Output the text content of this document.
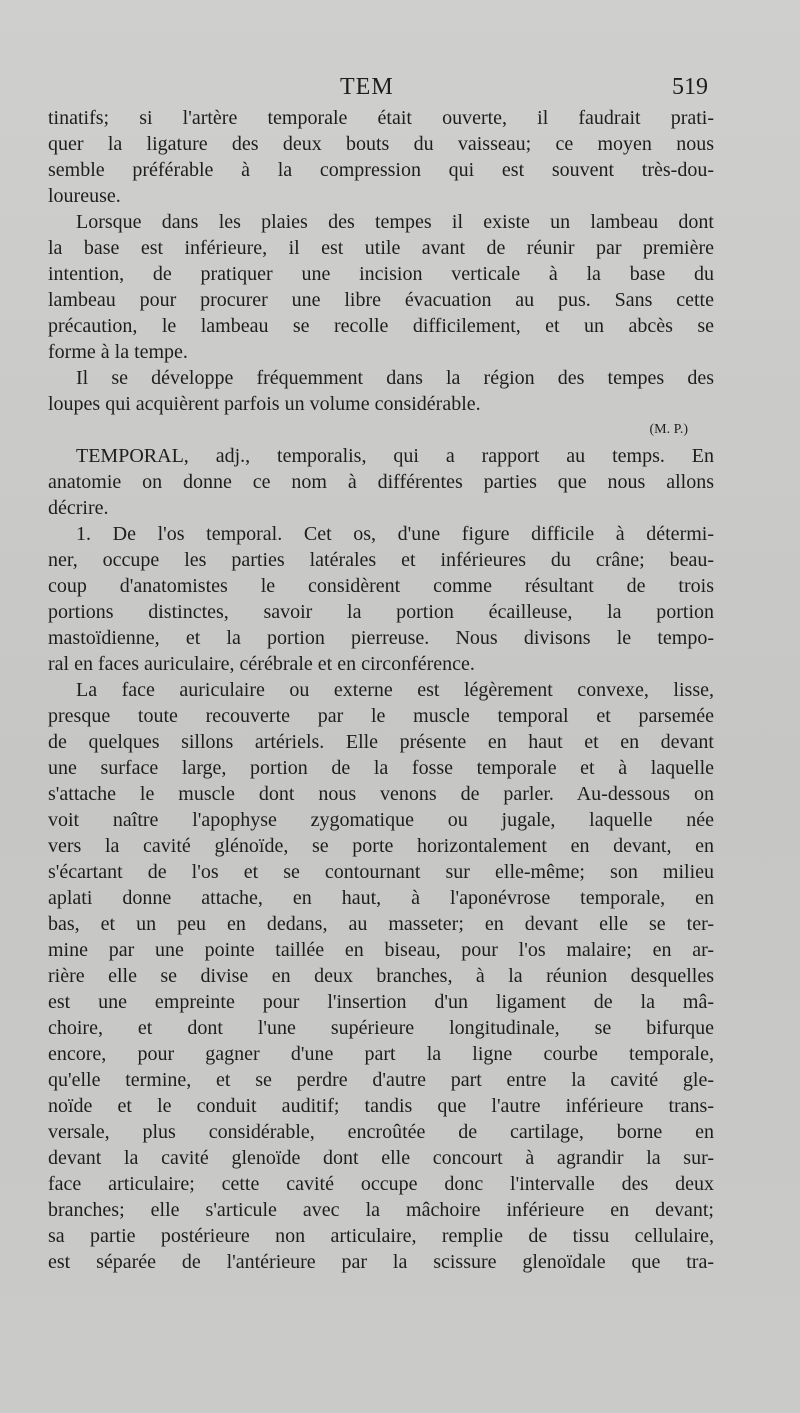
TEM	519
tinatifs; si l'artère temporale était ouverte, il faudrait prati-
quer la ligature des deux bouts du vaisseau; ce moyen nous
semble préférable à la compression qui est souvent très-dou-
loureuse.
Lorsque dans les plaies des tempes il existe un lambeau dont
la base est inférieure, il est utile avant de réunir par première
intention, de pratiquer une incision verticale à la base du
lambeau pour procurer une libre évacuation au pus. Sans cette
précaution, le lambeau se recolle difficilement, et un abcès se
forme à la tempe.
Il se développe fréquemment dans la région des tempes des
loupes qui acquièrent parfois un volume considérable.
(M. P.)
TEMPORAL, adj., temporalis, qui a rapport au temps. En
anatomie on donne ce nom à différentes parties que nous allons
décrire.
1. De l'os temporal. Cet os, d'une figure difficile à détermi-
ner, occupe les parties latérales et inférieures du crâne; beau-
coup d'anatomistes le considèrent comme résultant de trois
portions distinctes, savoir la portion écailleuse, la portion
mastoïdienne, et la portion pierreuse. Nous divisons le tempo-
ral en faces auriculaire, cérébrale et en circonférence.
La face auriculaire ou externe est légèrement convexe, lisse,
presque toute recouverte par le muscle temporal et parsemée
de quelques sillons artériels. Elle présente en haut et en devant
une surface large, portion de la fosse temporale et à laquelle
s'attache le muscle dont nous venons de parler. Au-dessous on
voit naître l'apophyse zygomatique ou jugale, laquelle née
vers la cavité glénoïde, se porte horizontalement en devant, en
s'écartant de l'os et se contournant sur elle-même; son milieu
aplati donne attache, en haut, à l'aponévrose temporale, en
bas, et un peu en dedans, au masseter; en devant elle se ter-
mine par une pointe taillée en biseau, pour l'os malaire; en ar-
rière elle se divise en deux branches, à la réunion desquelles
est une empreinte pour l'insertion d'un ligament de la mâ-
choire, et dont l'une supérieure longitudinale, se bifurque
encore, pour gagner d'une part la ligne courbe temporale,
qu'elle termine, et se perdre d'autre part entre la cavité gle-
noïde et le conduit auditif; tandis que l'autre inférieure trans-
versale, plus considérable, encroûtée de cartilage, borne en
devant la cavité glenoïde dont elle concourt à agrandir la sur-
face articulaire; cette cavité occupe donc l'intervalle des deux
branches; elle s'articule avec la mâchoire inférieure en devant;
sa partie postérieure non articulaire, remplie de tissu cellulaire,
est séparée de l'antérieure par la scissure glenoïdale que tra-
